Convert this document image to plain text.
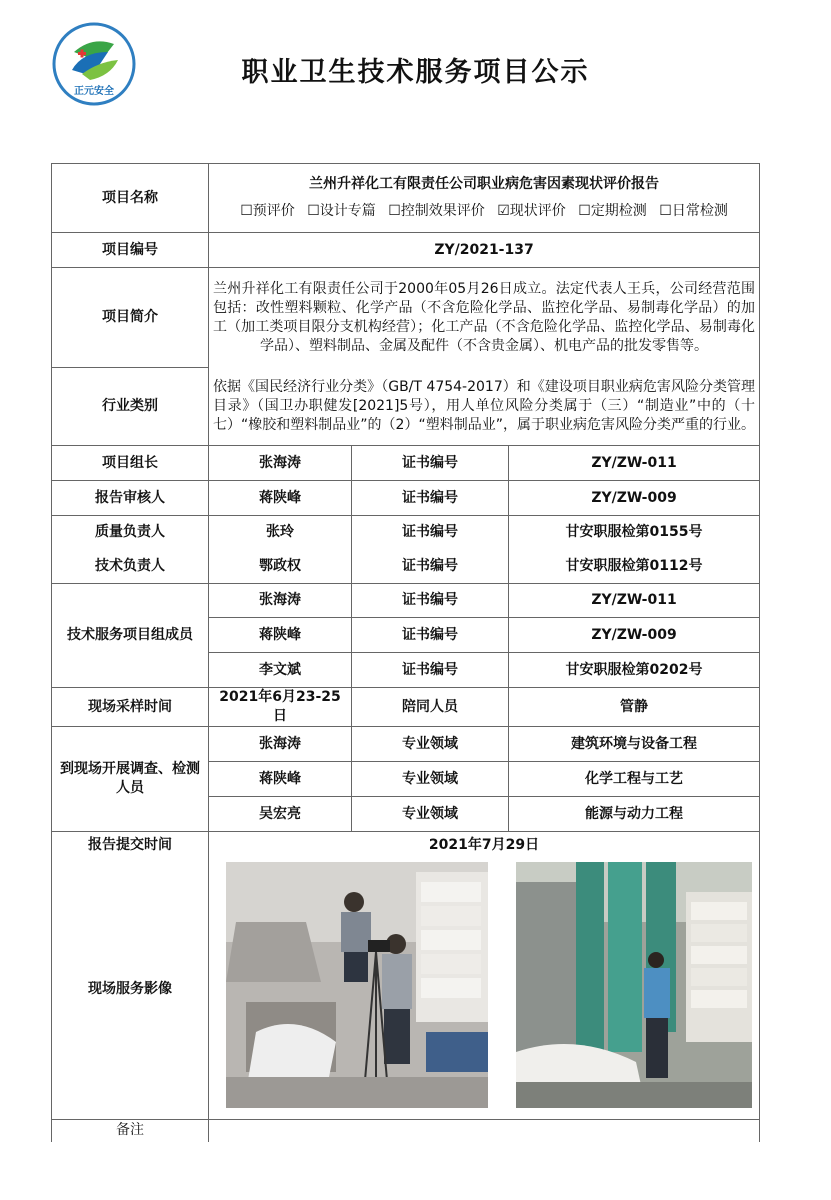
正元安全
职业卫生技术服务项目公示
项目名称	兰州升祥化工有限责任公司职业病危害因素现状评价报告
☐预评价 ☐设计专篇 ☐控制效果评价 ☑现状评价 ☐定期检测 ☐日常检测		

项目编号	ZY/2021-137		
项目简介	兰州升祥化工有限责任公司于2000年05月26日成立。法定代表人王兵，公司经营范围包括：改性塑料颗粒、化学产品（不含危险化学品、监控化学品、易制毒化学品）的加工（加工类项目限分支机构经营）；化工产品（不含危险化学品、监控化学品、易制毒化学品）、塑料制品、金属及配件（不含贵金属）、机电产品的批发零售等。		

行业类别	依据《国民经济行业分类》（GB/T 4754-2017）和《建设项目职业病危害风险分类管理目录》（国卫办职健发[2021]5号），用人单位风险分类属于（三）“制造业”中的（十七）“橡胶和塑料制品业”的（2）“塑料制品业”，属于职业病危害风险分类严重的行业。		

项目组长	张海涛	证书编号	ZY/ZW-011
报告审核人	蒋陕峰	证书编号	ZY/ZW-009
质量负责人	张玲	证书编号	甘安职服检第0155号
技术负责人	鄂政权	证书编号	甘安职服检第0112号
技术服务项目组成员	张海涛	证书编号	ZY/ZW-011
	蒋陕峰	证书编号	ZY/ZW-009
	李文斌	证书编号	甘安职服检第0202号
现场采样时间	2021年6月23-25日	陪同人员	管静
到现场开展调查、检测人员	张海涛	专业领域	建筑环境与设备工程
	蒋陕峰	专业领域	化学工程与工艺
	吴宏亮	专业领域	能源与动力工程
报告提交时间	2021年7月29日		
现场服务影像	

备注			
